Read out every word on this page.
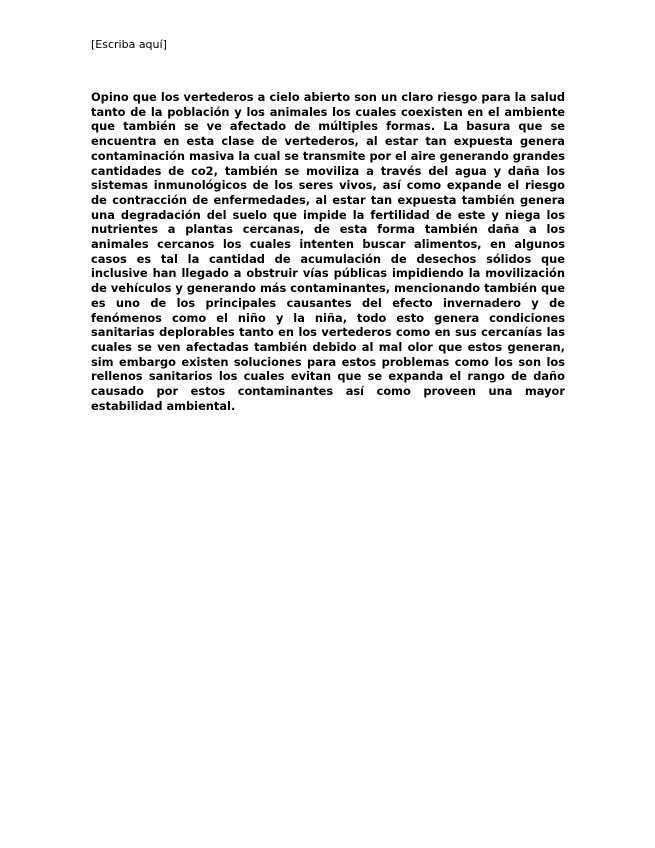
[Escriba aquí]

Opino que los vertederos a cielo abierto son un claro riesgo para la salud tanto de la población y los animales los cuales coexisten en el ambiente que también se ve afectado de múltiples formas. La basura que se encuentra en esta clase de vertederos, al estar tan expuesta genera contaminación masiva la cual se transmite por el aire generando grandes cantidades de co2, también se moviliza a través del agua y daña los sistemas inmunológicos de los seres vivos, así como expande el riesgo de contracción de enfermedades, al estar tan expuesta también genera una degradación del suelo que impide la fertilidad de este y niega los nutrientes a plantas cercanas, de esta forma también daña a los animales cercanos los cuales intenten buscar alimentos, en algunos casos es tal la cantidad de acumulación de desechos sólidos que inclusive han llegado a obstruir vías públicas impidiendo la movilización de vehículos y generando más contaminantes, mencionando también que es uno de los principales causantes del efecto invernadero y de fenómenos como el niño y la niña, todo esto genera condiciones sanitarias deplorables tanto en los vertederos como en sus cercanías las cuales se ven afectadas también debido al mal olor que estos generan, sim embargo existen soluciones para estos problemas como los son los rellenos sanitarios los cuales evitan que se expanda el rango de daño causado por estos contaminantes así como proveen una mayor estabilidad ambiental.
